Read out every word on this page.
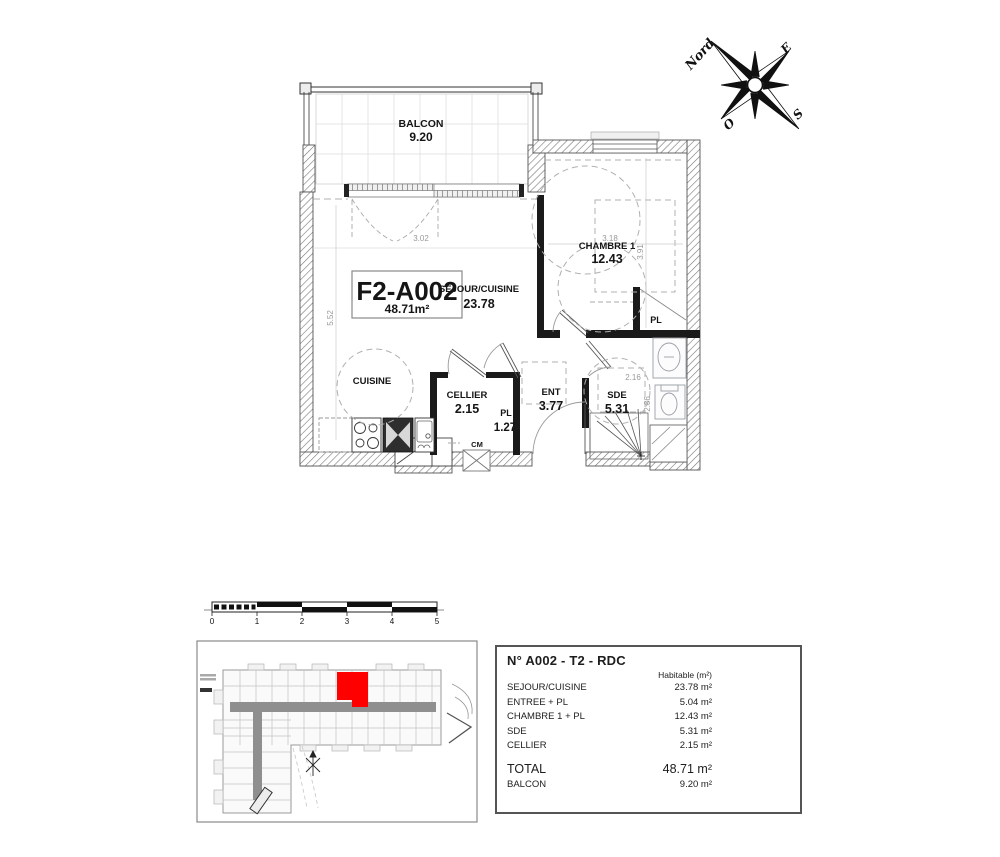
Nord	E
S
O
BALCON
9.20
5.52
3.02	3.18
3.91
2.16
2.86
F2-A002
48.71m²
SEJOUR/CUISINE
23.78
CHAMBRE 1
12.43
CUISINE
CELLIER
2.15 PL
1.27
ENT
3.77
SDE
5.31
PL
CM
0	1	2	3	4	5
N° A002 - T2 - RDC
Habitable (m²)
SEJOUR/CUISINE	23.78 m²
ENTREE + PL	5.04 m²
CHAMBRE 1 + PL	12.43 m²
SDE	5.31 m²
CELLIER	2.15 m²
TOTAL	48.71 m²
BALCON	9.20 m²
